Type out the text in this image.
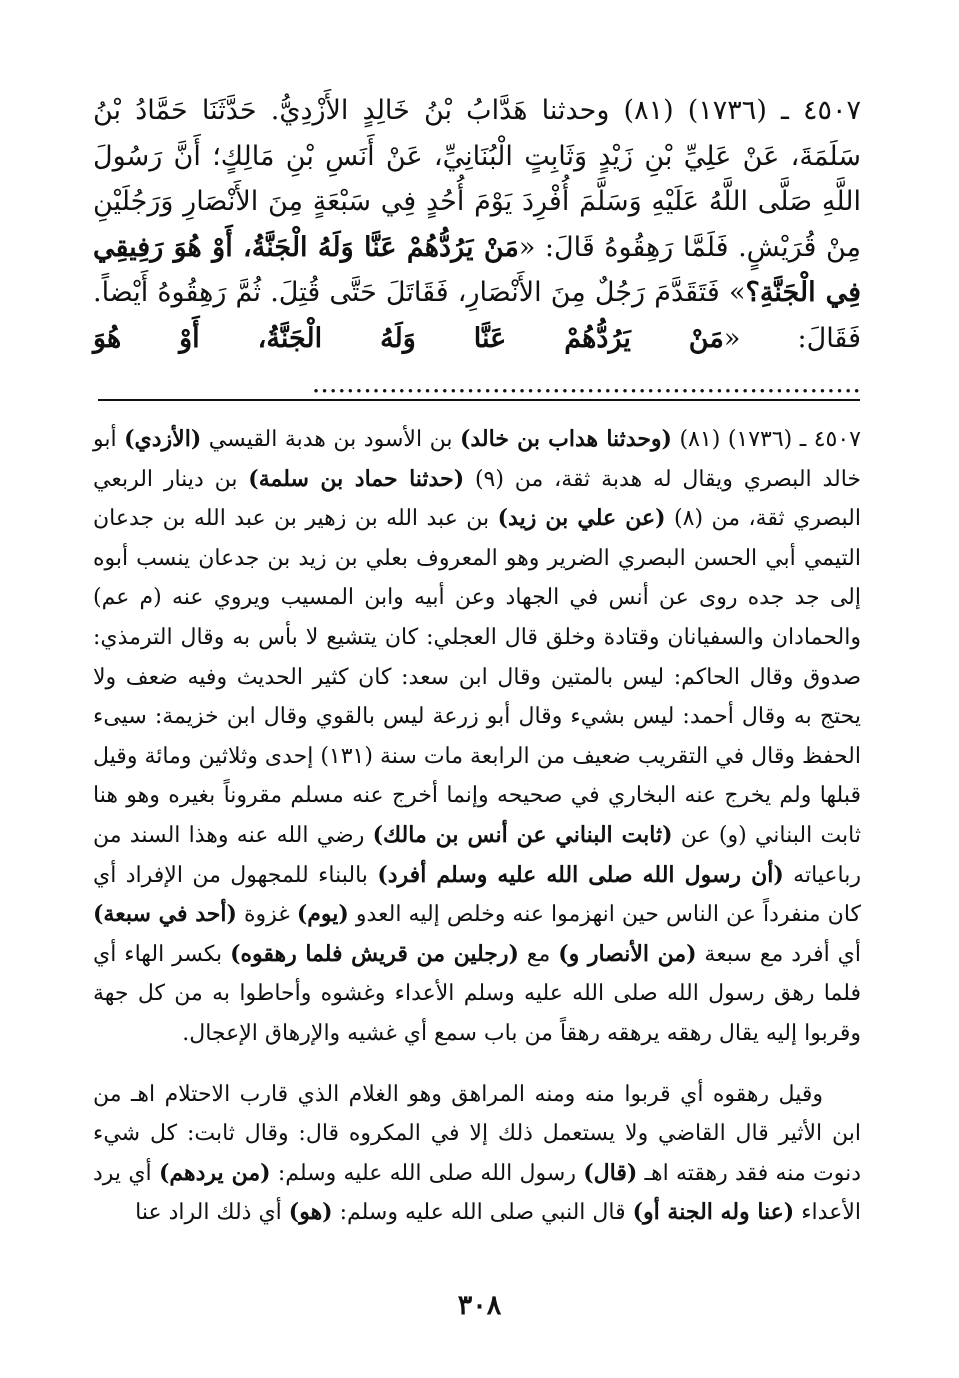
٤٥٠٧ ـ (١٧٣٦) (٨١) وحدثنا هَدَّابُ بْنُ خَالِدٍ الأَزْدِيُّ. حَدَّثَنَا حَمَّادُ بْنُ سَلَمَةَ، عَنْ عَلِيِّ بْنِ زَيْدٍ وَثَابِتٍ الْبُنَانِيِّ، عَنْ أَنَسِ بْنِ مَالِكٍ؛ أَنَّ رَسُولَ اللَّهِ صَلَّى اللَّهُ عَلَيْهِ وَسَلَّمَ أُفْرِدَ يَوْمَ أُحُدٍ فِي سَبْعَةٍ مِنَ الأَنْصَارِ وَرَجُلَيْنِ مِنْ قُرَيْشٍ. فَلَمَّا رَهِقُوهُ قَالَ: «مَنْ يَرُدُّهُمْ عَنَّا وَلَهُ الْجَنَّةُ، أَوْ هُوَ رَفِيقِي فِي الْجَنَّةِ؟» فَتَقَدَّمَ رَجُلٌ مِنَ الأَنْصَارِ، فَقَاتَلَ حَتَّى قُتِلَ. ثُمَّ رَهِقُوهُ أَيْضاً. فَقَالَ: «مَنْ يَرُدُّهُمْ عَنَّا وَلَهُ الْجَنَّةُ، أَوْ هُوَ ................................................................

٤٥٠٧ ـ (١٧٣٦) (٨١) (وحدثنا هداب بن خالد) بن الأسود بن هدبة القيسي (الأزدي) أبو خالد البصري ويقال له هدبة ثقة، من (٩) (حدثنا حماد بن سلمة) بن دينار الربعي البصري ثقة، من (٨) (عن علي بن زيد) بن عبد الله بن زهير بن عبد الله بن جدعان التيمي أبي الحسن البصري الضرير وهو المعروف بعلي بن زيد بن جدعان ينسب أبوه إلى جد جده روى عن أنس في الجهاد وعن أبيه وابن المسيب ويروي عنه (م عم) والحمادان والسفيانان وقتادة وخلق قال العجلي: كان يتشيع لا بأس به وقال الترمذي: صدوق وقال الحاكم: ليس بالمتين وقال ابن سعد: كان كثير الحديث وفيه ضعف ولا يحتج به وقال أحمد: ليس بشيء وقال أبو زرعة ليس بالقوي وقال ابن خزيمة: سيىء الحفظ وقال في التقريب ضعيف من الرابعة مات سنة (١٣١) إحدى وثلاثين ومائة وقيل قبلها ولم يخرج عنه البخاري في صحيحه وإنما أخرج عنه مسلم مقروناً بغيره وهو هنا ثابت البناني (و) عن (ثابت البناني عن أنس بن مالك) رضي الله عنه وهذا السند من رباعياته (أن رسول الله صلى الله عليه وسلم أفرد) بالبناء للمجهول من الإفراد أي كان منفرداً عن الناس حين انهزموا عنه وخلص إليه العدو (يوم) غزوة (أحد في سبعة) أي أفرد مع سبعة (من الأنصار و) مع (رجلين من قريش فلما رهقوه) بكسر الهاء أي فلما رهق رسول الله صلى الله عليه وسلم الأعداء وغشوه وأحاطوا به من كل جهة وقربوا إليه يقال رهقه يرهقه رهقاً من باب سمع أي غشيه والإرهاق الإعجال.

وقيل رهقوه أي قربوا منه ومنه المراهق وهو الغلام الذي قارب الاحتلام اهـ من ابن الأثير قال القاضي ولا يستعمل ذلك إلا في المكروه قال: وقال ثابت: كل شيء دنوت منه فقد رهقته اهـ (قال) رسول الله صلى الله عليه وسلم: (من يردهم) أي يرد الأعداء (عنا وله الجنة أو) قال النبي صلى الله عليه وسلم: (هو) أي ذلك الراد عنا

٣٠٨
